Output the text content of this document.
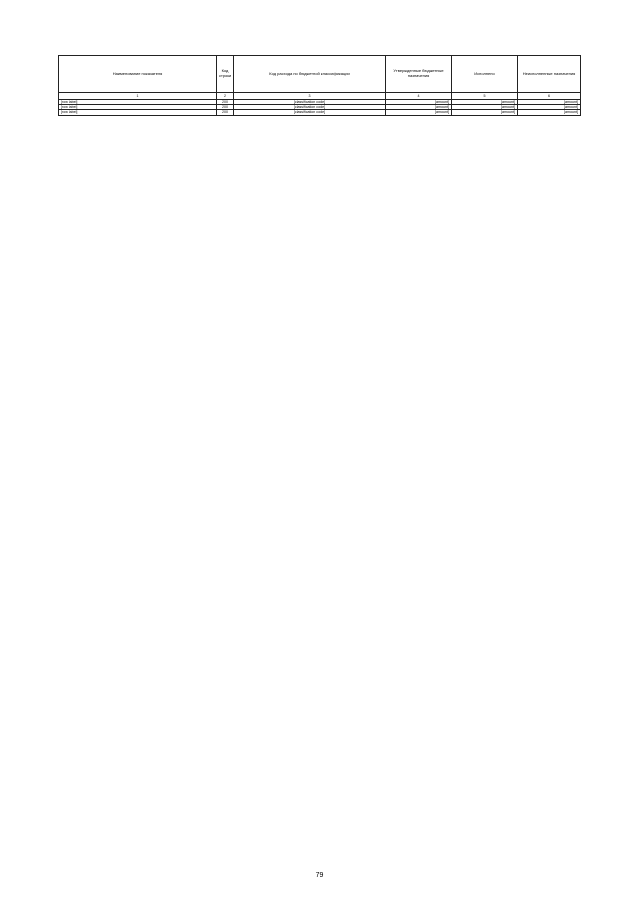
Наименование показателя	Код строки	Код расхода по бюджетной классификации	Утвержденные бюджетные назначения	Исполнено	Неисполненные назначения
1	2	3	4	5	6
[row label]	200	[classification code]	[amount]	[amount]	[amount]
[row label]	200	[classification code]	[amount]	[amount]	[amount]
[row label]	200	[classification code]	[amount]	[amount]	[amount]
79
